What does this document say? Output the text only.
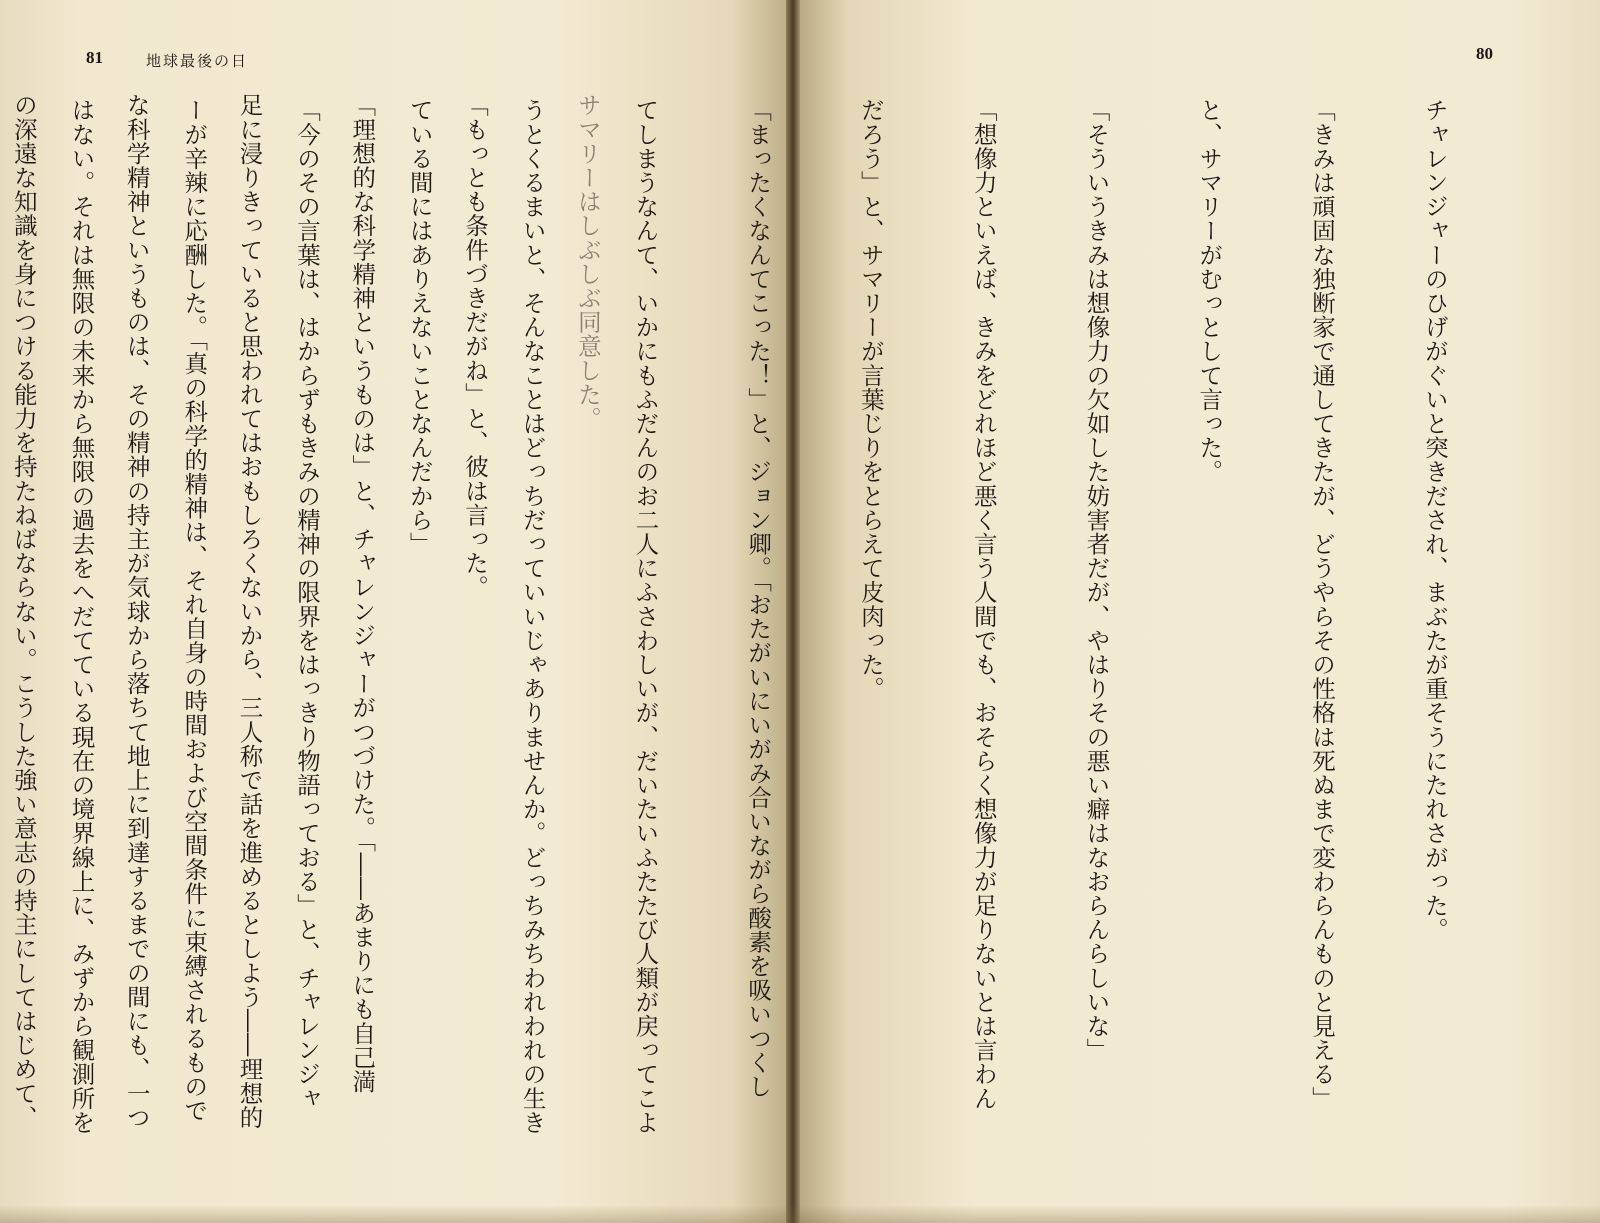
81	地球最後の日

サマリーはしぶしぶ同意した。

「もっとも条件づきだがね」と、彼は言った。

「理想的な科学精神というものは」と、チャレンジャーがつづけた。「――あまりにも自己満

足に浸りきっていると思われてはおもしろくないから、三人称で話を進めるとしよう――理想的

な科学精神というものは、その精神の持主が気球から落ちて地上に到達するまでの間にも、一つ

の深遠な知識を身につける能力を持たねばならない。こうした強い意志の持主にしてはじめて、

80

チャレンジャーのひげがぐいと突きだされ、まぶたが重そうにたれさがった。

「きみは頑固な独断家で通してきたが、どうやらその性格は死ぬまで変わらんものと見える」

と、サマリーがむっとして言った。

「そういうきみは想像力の欠如した妨害者だが、やはりその悪い癖はなおらんらしいな」

「想像力といえば、きみをどれほど悪く言う人間でも、おそらく想像力が足りないとは言わん

だろう」と、サマリーが言葉じりをとらえて皮肉った。

「まったくなんてこった！」と、ジョン卿。「おたがいにいがみ合いながら酸素を吸いつくし

てしまうなんて、いかにもふだんのお二人にふさわしいが、だいたいふたたび人類が戻ってこよ

うとくるまいと、そんなことはどっちだっていいじゃありませんか。どっちみちわれわれの生き

ている間にはありえないことなんだから」

「今のその言葉は、はからずもきみの精神の限界をはっきり物語っておる」と、チャレンジャ

ーが辛辣に応酬した。「真の科学的精神は、それ自身の時間および空間条件に束縛されるもので

はない。それは無限の未来から無限の過去をへだてている現在の境界線上に、みずから観測所を
